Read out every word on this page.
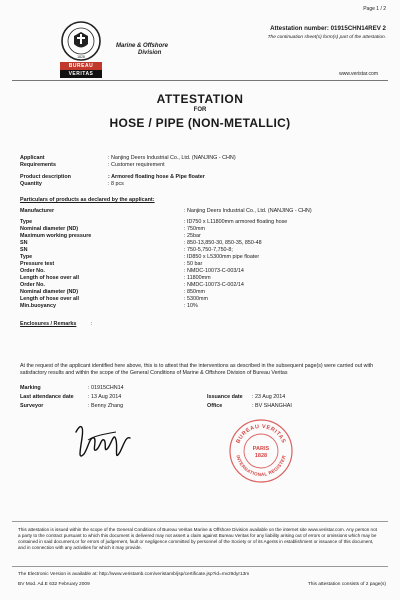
Page 1 / 2
Attestation number: 01915CHN14REV 2
The continuation sheet(s) form(s) part of the attestation.
1828
BUREAU
VERITAS
Marine & Offshore
Division
www.veristar.com
ATTESTATION
FOR
HOSE / PIPE (NON-METALLIC)
Applicant	: Nanjing Deers Industrial Co., Ltd. (NANJING - CHN)
Requirements	: Customer requirement
Product description	: Armored floating hose & Pipe floater
Quantity	: 8 pcs
Particulars of products as declared by the applicant:
Manufacturer	: Nanjing Deers Industrial Co., Ltd. (NANJING - CHN)
Type	: ID750 x L11800mm armored floating hose
Nominal diameter (ND)	: 750mm
Maximum working pressure	: 25bar
SN	: 850-13,850-30, 850-35, 850-48
SN	: 750-5,750-7,750-8;
Type	: ID850 x L5300mm pipe floater
Pressure test	: 50 bar
Order No.	: NMDC-10073-C-003/14
Length of hose over all	: 11800mm
Order No.	: NMDC-10073-C-002/14
Nominal diameter (ND)	: 850mm
Length of hose over all	: 5300mm
Min.buoyancy	: 10%
Enclosures / Remarks	:
At the request of the applicant identified here above, this is to attest that the interventions as described in the subsequent page(s) were carried out with satisfactory results and within the scope of the General Conditions of Marine & Offshore Division of Bureau Veritas
Marking	: 01915CHN14
Last attendance date	: 13 Aug 2014
Surveyor	: Benny Zhang
Issuance date : 23 Aug 2014
Office	: BV SHANGHAI
BUREAU VERITAS
INTERNATIONAL REGISTER
PARIS
1828
This attestation is issued within the scope of the General Conditions of Bureau Veritas Marine & Offshore Division available on the internet site www.veristar.com. Any person not a party to the contract pursuant to which this document is delivered may not assert a claim against Bureau Veritas for any liability arising out of errors or omissions which may be contained in said document,or for errors of judgement, fault or negligence committed by personnel of the Society or of its Agents in establishment or issuance of this document, and in connection with any activities for which it may provide.
The Electronic Version is available at: http://www.veristamb.com/veristamb/jsp/certificate.jsp?id=mvz9dyr13m
BV Mod. Ad.E 632 February 2009	This attestation consists of 2 page(s)
